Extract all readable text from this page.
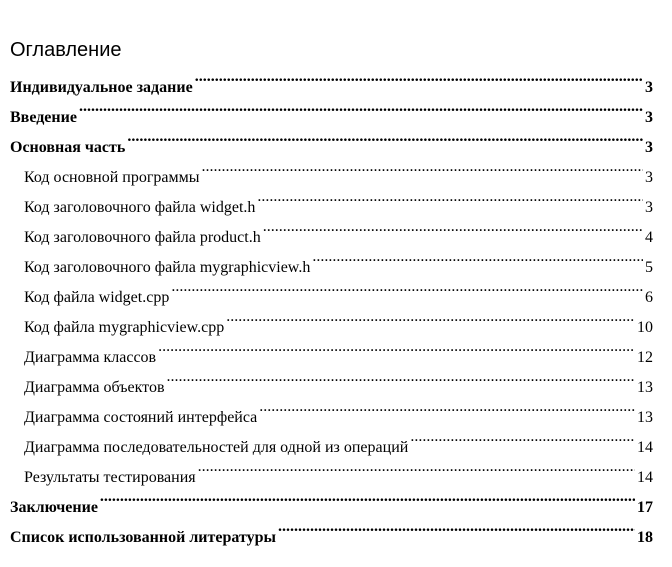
Оглавление
Индивидуальное задание .....	3
Введение .....	3
Основная часть .....	3
Код основной программы .....	3
Код заголовочного файла widget.h .....	3
Код заголовочного файла product.h .....	4
Код заголовочного файла mygraphicview.h .....	5
Код файла widget.cpp .....	6
Код файла mygraphicview.cpp .....	10
Диаграмма классов .....	12
Диаграмма объектов .....	13
Диаграмма состояний интерфейса .....	13
Диаграмма последовательностей для одной из операций .....	14
Результаты тестирования .....	14
Заключение .....	17
Список использованной литературы .....	18
